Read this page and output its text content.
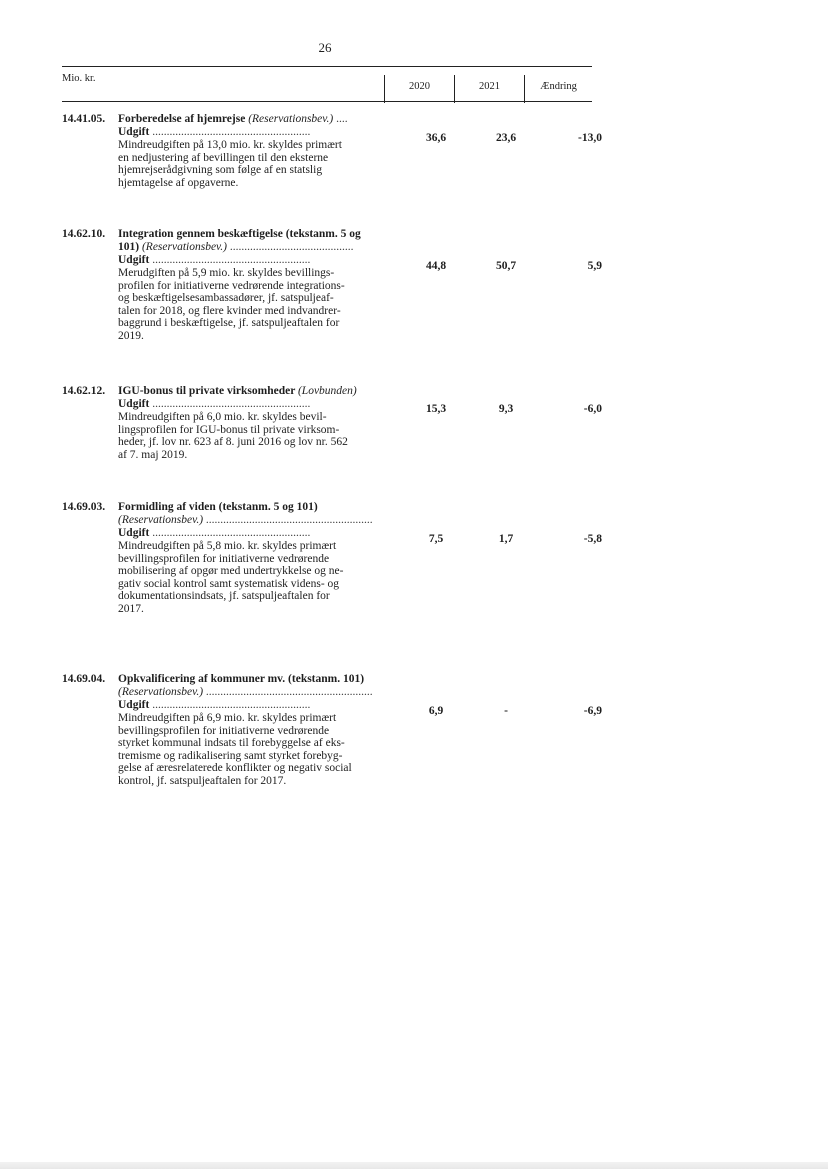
26
Mio. kr.
2020	2021	Ændring
14.41.05.	Forberedelse af hjemrejse (Reservationsbev.) ....
Udgift .......................................................
Mindreudgiften på 13,0 mio. kr. skyldes primært
en nedjustering af bevillingen til den eksterne
hjemrejserådgivning som følge af en statslig
hjemtagelse af opgaverne.
36,6	23,6	-13,0
14.62.10.	Integration gennem beskæftigelse (tekstanm. 5 og
101) (Reservationsbev.) ...........................................
Udgift .......................................................
Merudgiften på 5,9 mio. kr. skyldes bevillings-
profilen for initiativerne vedrørende integrations-
og beskæftigelsesambassadører, jf. satspuljeaf-
talen for 2018, og flere kvinder med indvandrer-
baggrund i beskæftigelse, jf. satspuljeaftalen for
2019.
44,8	50,7	5,9
14.62.12.	IGU-bonus til private virksomheder (Lovbunden)
Udgift .......................................................
Mindreudgiften på 6,0 mio. kr. skyldes bevil-
lingsprofilen for IGU-bonus til private virksom-
heder, jf. lov nr. 623 af 8. juni 2016 og lov nr. 562
af 7. maj 2019.
15,3	9,3	-6,0
14.69.03.	Formidling af viden (tekstanm. 5 og 101)
(Reservationsbev.) ..........................................................
Udgift .......................................................
Mindreudgiften på 5,8 mio. kr. skyldes primært
bevillingsprofilen for initiativerne vedrørende
mobilisering af opgør med undertrykkelse og ne-
gativ social kontrol samt systematisk videns- og
dokumentationsindsats, jf. satspuljeaftalen for
2017.
7,5	1,7	-5,8
14.69.04.	Opkvalificering af kommuner mv. (tekstanm. 101)
(Reservationsbev.) ..........................................................
Udgift .......................................................
Mindreudgiften på 6,9 mio. kr. skyldes primært
bevillingsprofilen for initiativerne vedrørende
styrket kommunal indsats til forebyggelse af eks-
tremisme og radikalisering samt styrket forebyg-
gelse af æresrelaterede konflikter og negativ social
kontrol, jf. satspuljeaftalen for 2017.
6,9	-	-6,9
